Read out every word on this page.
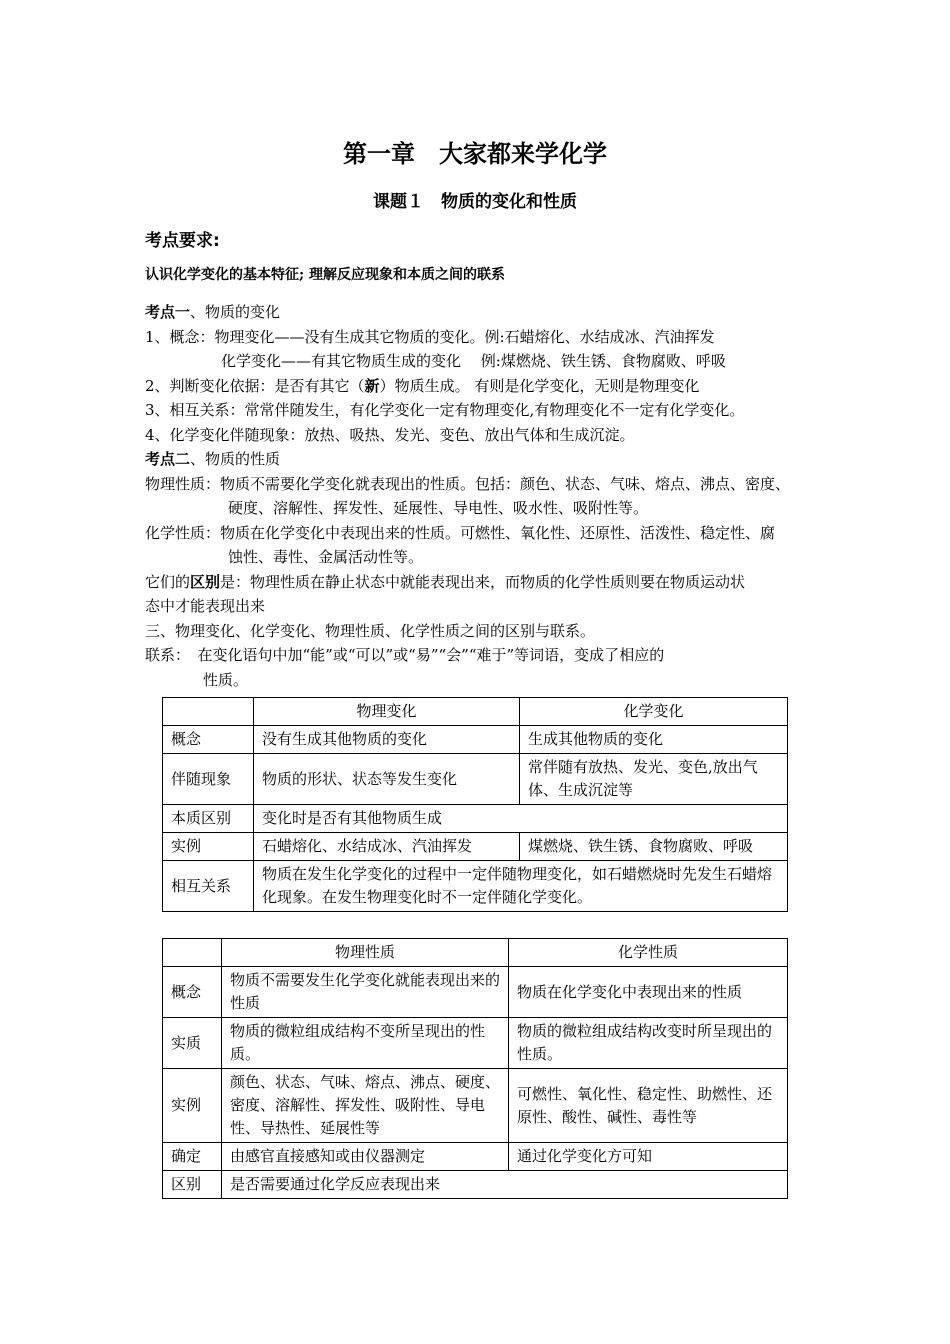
第一章　大家都来学化学
课题１　物质的变化和性质
考点要求:
认识化学变化的基本特征; 理解反应现象和本质之间的联系
考点一、物质的变化
1、概念：物理变化——没有生成其它物质的变化。例:石蜡熔化、水结成冰、汽油挥发
化学变化——有其它物质生成的变化　 例:煤燃烧、铁生锈、食物腐败、呼吸
2、判断变化依据：是否有其它（新）物质生成。 有则是化学变化，无则是物理变化
3、相互关系：常常伴随发生，有化学变化一定有物理变化,有物理变化不一定有化学变化。
4、化学变化伴随现象：放热、吸热、发光、变色、放出气体和生成沉淀。
考点二、物质的性质
物理性质：物质不需要化学变化就表现出的性质。包括：颜色、状态、气味、熔点、沸点、密度、
硬度、溶解性、挥发性、延展性、导电性、吸水性、吸附性等。
化学性质：物质在化学变化中表现出来的性质。可燃性、氧化性、还原性、活泼性、稳定性、腐
蚀性、毒性、金属活动性等。
它们的区别是：物理性质在静止状态中就能表现出来，而物质的化学性质则要在物质运动状
态中才能表现出来
三、物理变化、化学变化、物理性质、化学性质之间的区别与联系。
联系：　在变化语句中加“能”或“可以”或“易”“会”“难于”等词语，变成了相应的
性质。
	物理变化	化学变化
概念	没有生成其他物质的变化	生成其他物质的变化
伴随现象	物质的形状、状态等发生变化	常伴随有放热、发光、变色,放出气体、生成沉淀等
本质区别	变化时是否有其他物质生成	
实例	石蜡熔化、水结成冰、汽油挥发	煤燃烧、铁生锈、食物腐败、呼吸
相互关系	物质在发生化学变化的过程中一定伴随物理变化，如石蜡燃烧时先发生石蜡熔化现象。在发生物理变化时不一定伴随化学变化。	
	物理性质	化学性质
概念	物质不需要发生化学变化就能表现出来的性质	物质在化学变化中表现出来的性质
实质	物质的微粒组成结构不变所呈现出的性质。	物质的微粒组成结构改变时所呈现出的性质。
实例	颜色、状态、气味、熔点、沸点、硬度、密度、溶解性、挥发性、吸附性、导电性、导热性、延展性等	可燃性、氧化性、稳定性、助燃性、还原性、酸性、碱性、毒性等
确定	由感官直接感知或由仪器测定	通过化学变化方可知
区别	是否需要通过化学反应表现出来	
